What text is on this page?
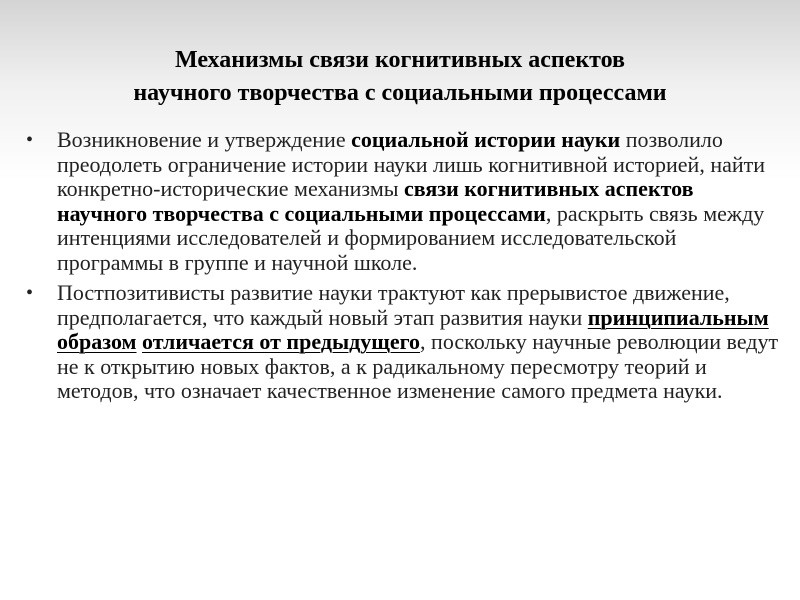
Механизмы связи когнитивных аспектов
научного творчества с социальными процессами
• Возникновение и утверждение социальной истории науки позволило преодолеть ограничение истории науки лишь когнитивной историей, найти конкретно-исторические механизмы связи когнитивных аспектов научного творчества с социальными процессами, раскрыть связь между интенциями исследователей и формированием исследовательской программы в группе и научной школе.
• Постпозитивисты развитие науки трактуют как прерывистое движение, предполагается, что каждый новый этап развития науки принципиальным образом отличается от предыдущего, поскольку научные революции ведут не к открытию новых фактов, а к радикальному пересмотру теорий и методов, что означает качественное изменение самого предмета науки.
